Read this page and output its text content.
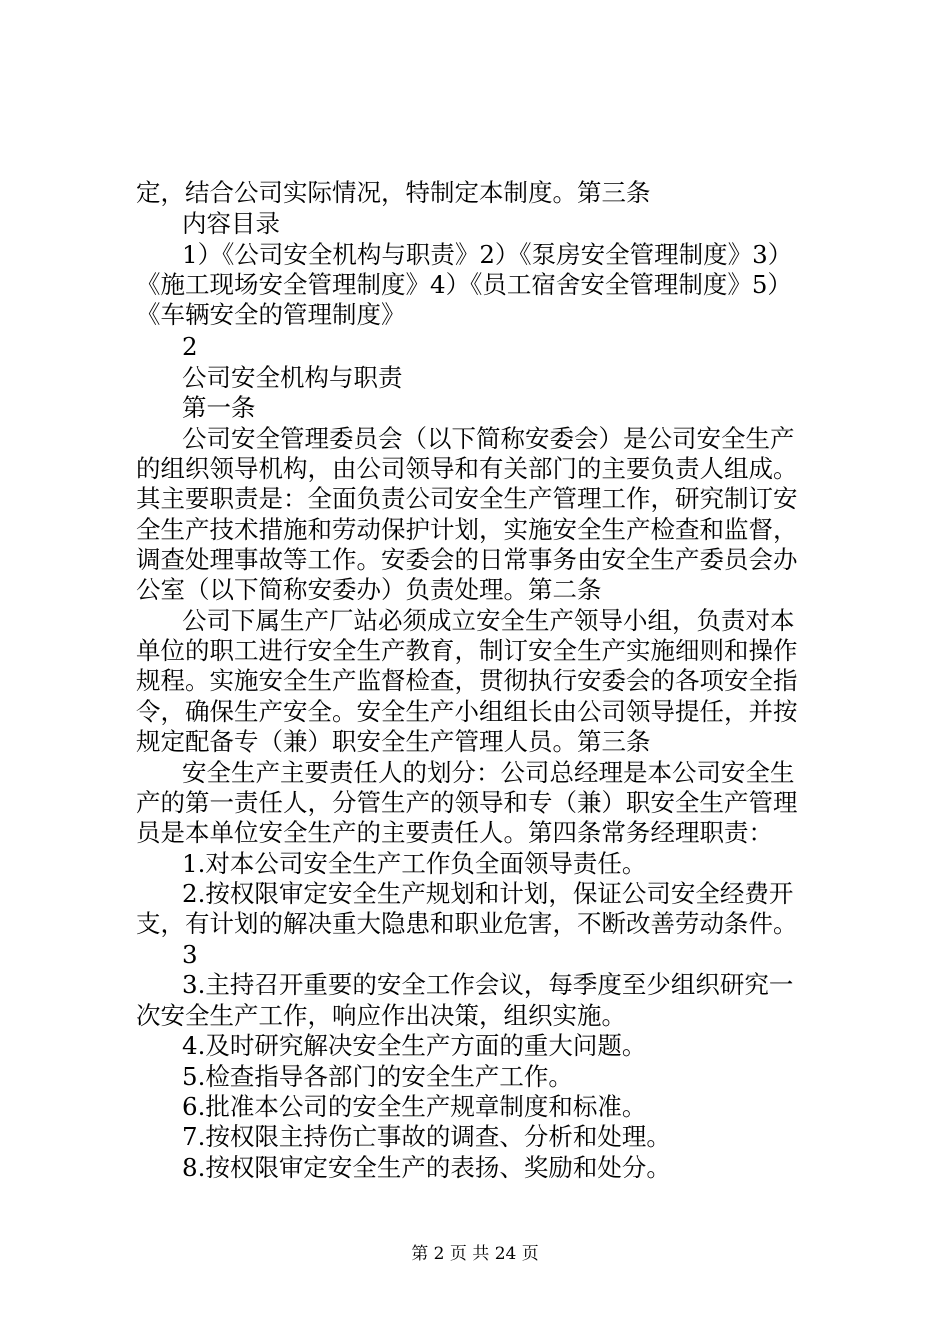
定，结合公司实际情况，特制定本制度。第三条
内容目录
1）《公司安全机构与职责》2）《泵房安全管理制度》3）
《施工现场安全管理制度》4）《员工宿舍安全管理制度》5）
《车辆安全的管理制度》
2
公司安全机构与职责
第一条
公司安全管理委员会（以下简称安委会）是公司安全生产
的组织领导机构，由公司领导和有关部门的主要负责人组成。
其主要职责是：全面负责公司安全生产管理工作，研究制订安
全生产技术措施和劳动保护计划，实施安全生产检查和监督，
调查处理事故等工作。安委会的日常事务由安全生产委员会办
公室（以下简称安委办）负责处理。第二条
公司下属生产厂站必须成立安全生产领导小组，负责对本
单位的职工进行安全生产教育，制订安全生产实施细则和操作
规程。实施安全生产监督检查，贯彻执行安委会的各项安全指
令，确保生产安全。安全生产小组组长由公司领导提任，并按
规定配备专（兼）职安全生产管理人员。第三条
安全生产主要责任人的划分：公司总经理是本公司安全生
产的第一责任人，分管生产的领导和专（兼）职安全生产管理
员是本单位安全生产的主要责任人。第四条常务经理职责：
1.对本公司安全生产工作负全面领导责任。
2.按权限审定安全生产规划和计划，保证公司安全经费开
支，有计划的解决重大隐患和职业危害，不断改善劳动条件。
3
3.主持召开重要的安全工作会议，每季度至少组织研究一
次安全生产工作，响应作出决策，组织实施。
4.及时研究解决安全生产方面的重大问题。
5.检查指导各部门的安全生产工作。
6.批准本公司的安全生产规章制度和标准。
7.按权限主持伤亡事故的调查、分析和处理。
8.按权限审定安全生产的表扬、奖励和处分。
第 2 页 共 24 页
